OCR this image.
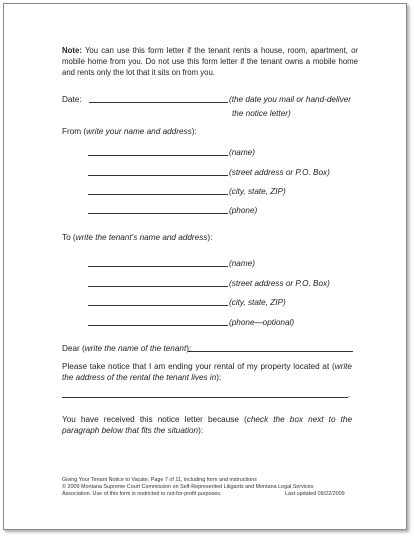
Note: You can use this form letter if the tenant rents a house, room, apartment, or mobile home from you. Do not use this form letter if the tenant owns a mobile home and rents only the lot that it sits on from you.
Date:	(the date you mail or hand-deliver
the notice letter)
From (write your name and address):
(name)
(street address or P.O. Box)
(city, state, ZIP)
(phone)
To (write the tenant's name and address):
(name)
(street address or P.O. Box)
(city, state, ZIP)
(phone—optional)
Dear (write the name of the tenant):
Please take notice that I am ending your rental of my property located at (write the address of the rental the tenant lives in):
.
You have received this notice letter because (check the box next to the paragraph below that fits the situation):
Giving Your Tenant Notice to Vacate, Page 7 of 11, including form and instructions
© 2009 Montana Supreme Court Commission on Self-Represented Litigants and Montana Legal Services
Association. Use of this form is restricted to not-for-profit purposes.	Last updated 09/22/2009
